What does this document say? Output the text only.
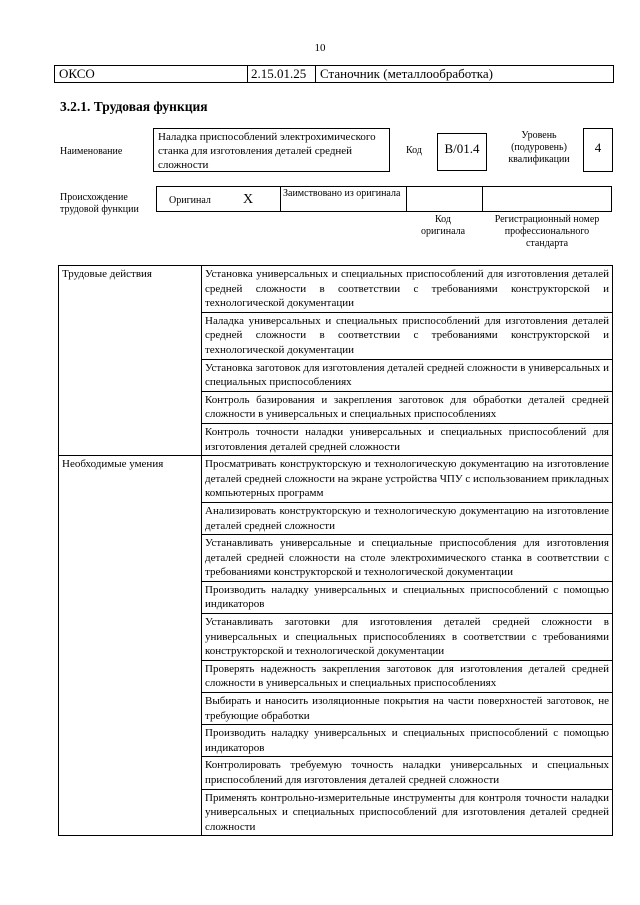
10
ОКСО	2.15.01.25	Станочник (металлообработка)
3.2.1. Трудовая функция
Наименование
Наладка приспособлений электрохимического станка для изготовления деталей средней сложности
Код	B/01.4
Уровень (подуровень) квалификации
4
Происхождение трудовой функции
Оригинал X	Заимствовано из оригинала
Код оригинала
Регистрационный номер профессионального стандарта
Трудовые действия	Установка универсальных и специальных приспособлений для изготовления деталей средней сложности в соответствии с требованиями конструкторской и технологической документации
	Наладка универсальных и специальных приспособлений для изготовления деталей средней сложности в соответствии с требованиями конструкторской и технологической документации
	Установка заготовок для изготовления деталей средней сложности в универсальных и специальных приспособлениях
	Контроль базирования и закрепления заготовок для обработки деталей средней сложности в универсальных и специальных приспособлениях
	Контроль точности наладки универсальных и специальных приспособлений для изготовления деталей средней сложности
Необходимые умения	Просматривать конструкторскую и технологическую документацию на изготовление деталей средней сложности на экране устройства ЧПУ с использованием прикладных компьютерных программ
	Анализировать конструкторскую и технологическую документацию на изготовление деталей средней сложности
	Устанавливать универсальные и специальные приспособления для изготовления деталей средней сложности на столе электрохимического станка в соответствии с требованиями конструкторской и технологической документации
	Производить наладку универсальных и специальных приспособлений с помощью индикаторов
	Устанавливать заготовки для изготовления деталей средней сложности в универсальных и специальных приспособлениях в соответствии с требованиями конструкторской и технологической документации
	Проверять надежность закрепления заготовок для изготовления деталей средней сложности в универсальных и специальных приспособлениях
	Выбирать и наносить изоляционные покрытия на части поверхностей заготовок, не требующие обработки
	Производить наладку универсальных и специальных приспособлений с помощью индикаторов
	Контролировать требуемую точность наладки универсальных и специальных приспособлений для изготовления деталей средней сложности
	Применять контрольно-измерительные инструменты для контроля точности наладки универсальных и специальных приспособлений для изготовления деталей средней сложности
